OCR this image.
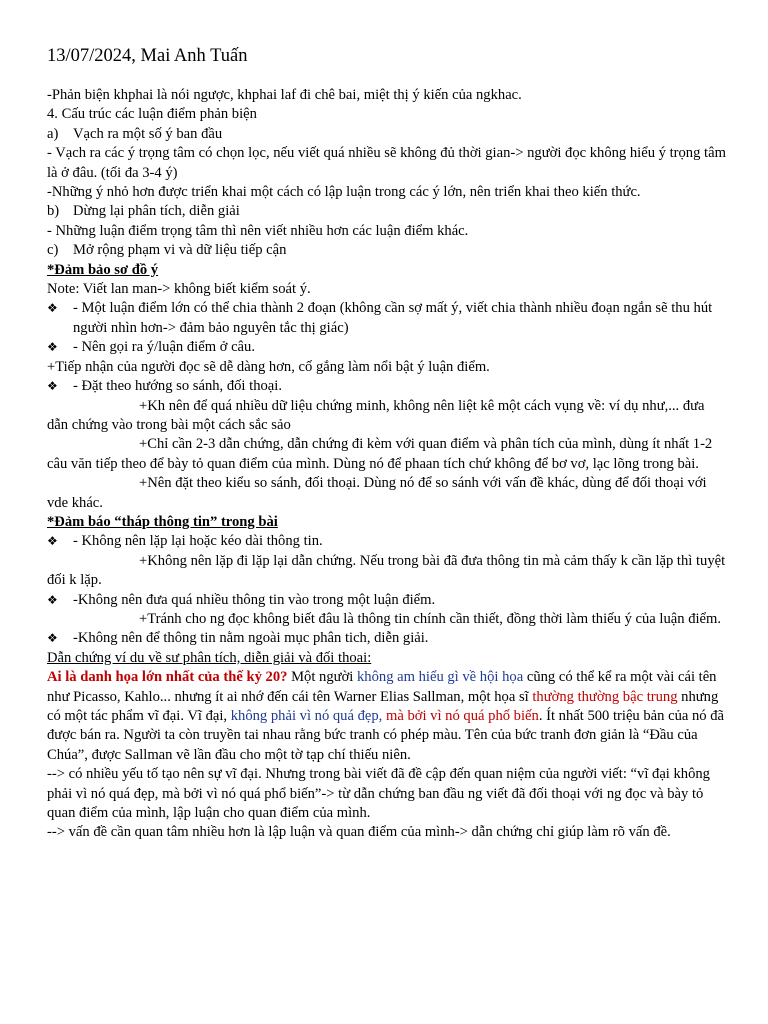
13/07/2024, Mai Anh Tuấn
-Phản biện khphai là nói ngược, khphai laf đi chê bai, miệt thị ý kiến của ngkhac.
4. Cấu trúc các luận điểm phản biện
a)	Vạch ra một số ý ban đầu
- Vạch ra các ý trọng tâm có chọn lọc, nếu viết quá nhiều sẽ không đủ thời gian-> người đọc không hiểu ý trọng tâm là ở đâu. (tối đa 3-4 ý)
-Những ý nhỏ hơn được triển khai một cách có lập luận trong các ý lớn, nên triển khai theo kiến thức.
b) Dừng lại phân tích, diễn giải
- Những luận điểm trọng tâm thì nên viết nhiều hơn các luận điểm khác.
c)	Mở rộng phạm vi và dữ liệu tiếp cận
*Đảm bảo sơ đồ ý
Note: Viết lan man-> không biết kiểm soát ý.
❖	- Một luận điểm lớn có thể chia thành 2 đoạn (không cần sợ mất ý, viết chia thành nhiều đoạn ngắn sẽ thu hút người nhìn hơn-> đảm bảo nguyên tắc thị giác)
❖	- Nên gọi ra ý/luận điểm ở câu.
+Tiếp nhận của người đọc sẽ dễ dàng hơn, cố gắng làm nổi bật ý luận điểm.
❖	- Đặt theo hướng so sánh, đối thoại.
+Kh nên để quá nhiều dữ liệu chứng minh, không nên liệt kê một cách vụng về: ví dụ như,... đưa dẫn chứng vào trong bài một cách sắc sảo
+Chỉ cần 2-3 dẫn chứng, dẫn chứng đi kèm với quan điểm và phân tích của mình, dùng ít nhất 1-2 câu văn tiếp theo để bày tỏ quan điểm của mình. Dùng nó để phaan tích chứ không để bơ vơ, lạc lõng trong bài.
+Nên đặt theo kiểu so sánh, đối thoại. Dùng nó để so sánh với vấn đề khác, dùng để đối thoại với vde khác.
*Đảm báo “tháp thông tin” trong bài
❖	- Không nên lặp lại hoặc kéo dài thông tin.
+Không nên lặp đi lặp lại dẫn chứng. Nếu trong bài đã đưa thông tin mà cảm thấy k cần lặp thì tuyệt đối k lặp.
❖	-Không nên đưa quá nhiều thông tin vào trong một luận điểm.
+Tránh cho ng đọc không biết đâu là thông tin chính cần thiết, đồng thời làm thiếu ý của luận điểm.
❖	-Không nên để thông tin nằm ngoài mục phân tich, diễn giải.
Dẫn chứng ví du về sư phân tích, diễn giải và đối thoai:
Ai là danh họa lớn nhất của thế kỷ 20? Một người không am hiểu gì về hội họa cũng có thể kể ra một vài cái tên như Picasso, Kahlo... nhưng ít ai nhớ đến cái tên Warner Elias Sallman, một họa sĩ thường thường bậc trung nhưng có một tác phẩm vĩ đại. Vĩ đại, không phải vì nó quá đẹp, mà bởi vì nó quá phổ biến. Ít nhất 500 triệu bản của nó đã được bán ra. Người ta còn truyền tai nhau rằng bức tranh có phép màu. Tên của bức tranh đơn giản là “Đầu của Chúa”, được Sallman vẽ lần đầu cho một tờ tạp chí thiếu niên.
--> có nhiều yếu tố tạo nên sự vĩ đại. Nhưng trong bài viết đã đề cập đến quan niệm của người viết: “vĩ đại không phải vì nó quá đẹp, mà bởi vì nó quá phổ biến”-> từ dẫn chứng ban đầu ng viết đã đối thoại với ng đọc và bày tỏ quan điểm của mình, lập luận cho quan điểm của mình.
--> vấn đề cần quan tâm nhiều hơn là lập luận và quan điểm của mình-> dẫn chứng chỉ giúp làm rõ vấn đề.
